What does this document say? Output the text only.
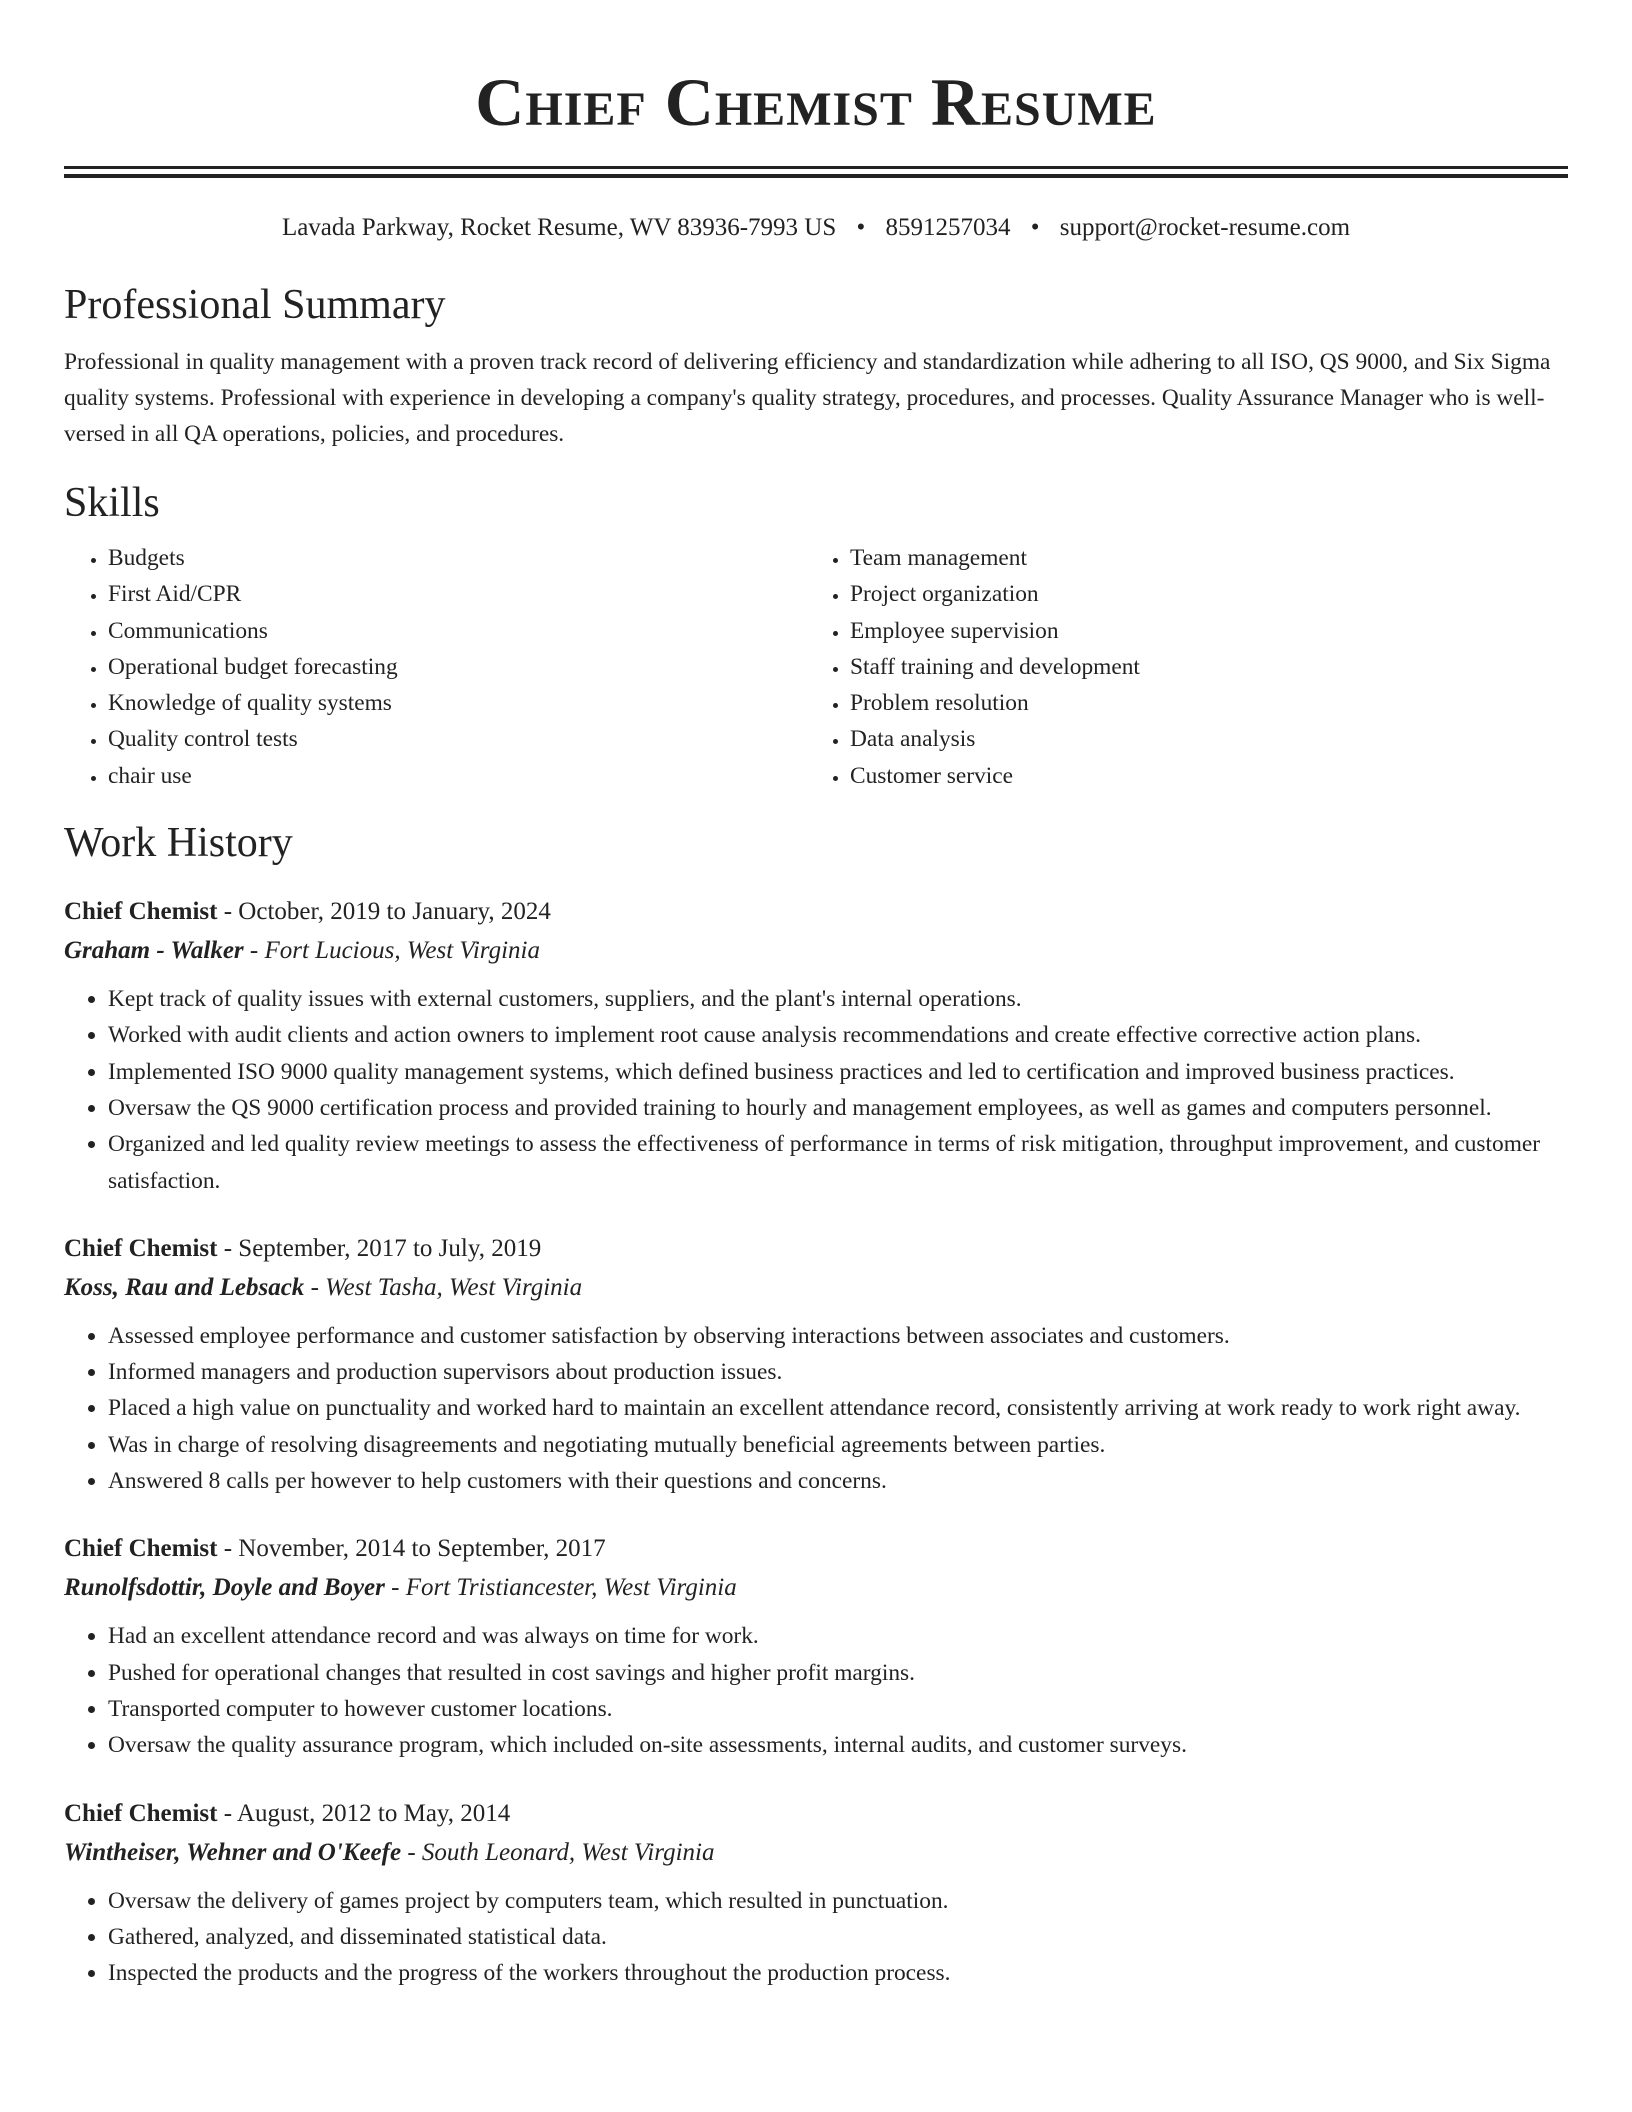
Chief Chemist Resume
Lavada Parkway, Rocket Resume, WV 83936-7993 US • 8591257034 • support@rocket-resume.com
Professional Summary
Professional in quality management with a proven track record of delivering efficiency and standardization while adhering to all ISO, QS 9000, and Six Sigma quality systems. Professional with experience in developing a company's quality strategy, procedures, and processes. Quality Assurance Manager who is well-versed in all QA operations, policies, and procedures.
Skills
• Budgets
• First Aid/CPR
• Communications
• Operational budget forecasting
• Knowledge of quality systems
• Quality control tests
• chair use
• Team management
• Project organization
• Employee supervision
• Staff training and development
• Problem resolution
• Data analysis
• Customer service
Work History
Chief Chemist - October, 2019 to January, 2024
Graham - Walker - Fort Lucious, West Virginia
• Kept track of quality issues with external customers, suppliers, and the plant's internal operations.
• Worked with audit clients and action owners to implement root cause analysis recommendations and create effective corrective action plans.
• Implemented ISO 9000 quality management systems, which defined business practices and led to certification and improved business practices.
• Oversaw the QS 9000 certification process and provided training to hourly and management employees, as well as games and computers personnel.
• Organized and led quality review meetings to assess the effectiveness of performance in terms of risk mitigation, throughput improvement, and customer satisfaction.
Chief Chemist - September, 2017 to July, 2019
Koss, Rau and Lebsack - West Tasha, West Virginia
• Assessed employee performance and customer satisfaction by observing interactions between associates and customers.
• Informed managers and production supervisors about production issues.
• Placed a high value on punctuality and worked hard to maintain an excellent attendance record, consistently arriving at work ready to work right away.
• Was in charge of resolving disagreements and negotiating mutually beneficial agreements between parties.
• Answered 8 calls per however to help customers with their questions and concerns.
Chief Chemist - November, 2014 to September, 2017
Runolfsdottir, Doyle and Boyer - Fort Tristiancester, West Virginia
• Had an excellent attendance record and was always on time for work.
• Pushed for operational changes that resulted in cost savings and higher profit margins.
• Transported computer to however customer locations.
• Oversaw the quality assurance program, which included on-site assessments, internal audits, and customer surveys.
Chief Chemist - August, 2012 to May, 2014
Wintheiser, Wehner and O'Keefe - South Leonard, West Virginia
• Oversaw the delivery of games project by computers team, which resulted in punctuation.
• Gathered, analyzed, and disseminated statistical data.
• Inspected the products and the progress of the workers throughout the production process.
